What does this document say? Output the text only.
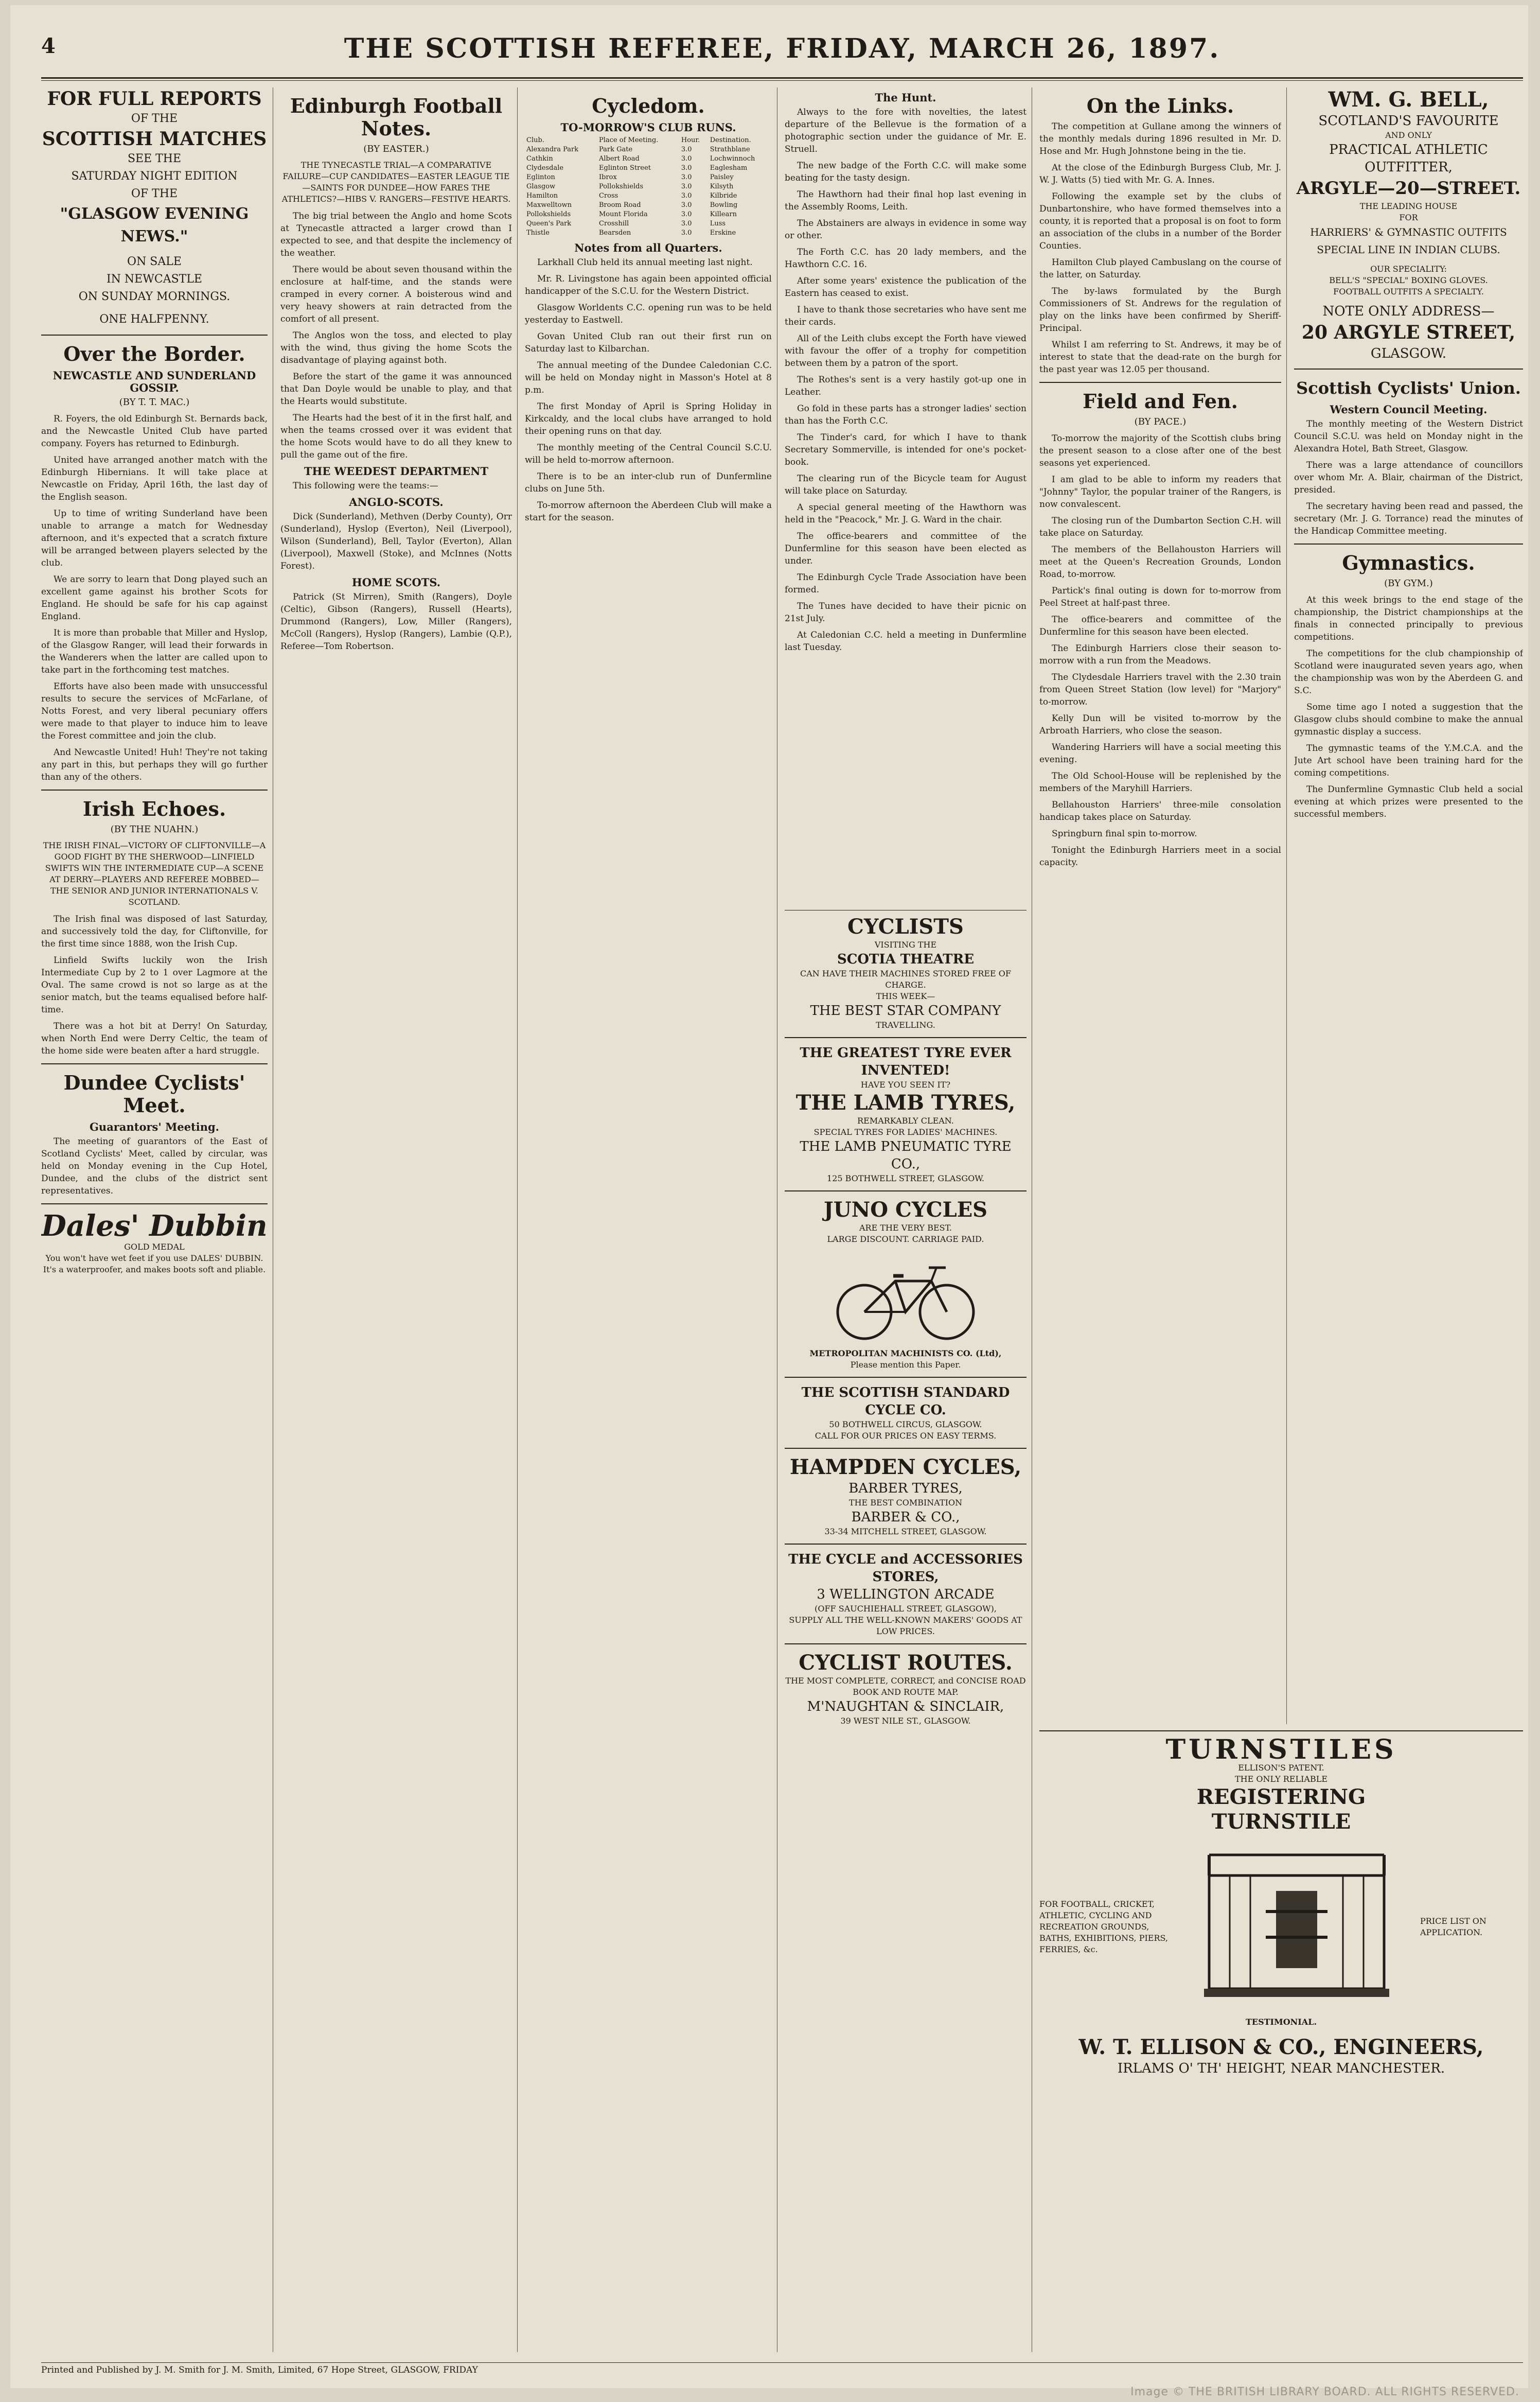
4	THE SCOTTISH REFEREE, FRIDAY, MARCH 26, 1897.
FOR FULL REPORTS
OF THE
SCOTTISH MATCHES
SEE THE
SATURDAY NIGHT EDITION
OF THE
"GLASGOW EVENING NEWS."
ON SALE
IN NEWCASTLE
ON SUNDAY MORNINGS.
ONE HALFPENNY.
Over the Border.
NEWCASTLE AND SUNDERLAND GOSSIP.
(BY T. T. MAC.)

R. Foyers, the old Edinburgh St. Bernards back, and the Newcastle United Club have parted company. Foyers has returned to Edinburgh.

United have arranged another match with the Edinburgh Hibernians. It will take place at Newcastle on Friday, April 16th, the last day of the English season.

Up to time of writing Sunderland have been unable to arrange a match for Wednesday afternoon, and it's expected that a scratch fixture will be arranged between players selected by the club.

We are sorry to learn that Dong played such an excellent game against his brother Scots for England. He should be safe for his cap against England.

It is more than probable that Miller and Hyslop, of the Glasgow Ranger, will lead their forwards in the Wanderers when the latter are called upon to take part in the forthcoming test matches.

Efforts have also been made with unsuccessful results to secure the services of McFarlane, of Notts Forest, and very liberal pecuniary offers were made to that player to induce him to leave the Forest committee and join the club.

And Newcastle United! Huh! They're not taking any part in this, but perhaps they will go further than any of the others.

Irish Echoes.
(BY THE NUAHN.)
THE IRISH FINAL—VICTORY OF CLIFTONVILLE—A GOOD FIGHT BY THE SHERWOOD—LINFIELD SWIFTS WIN THE INTERMEDIATE CUP—A SCENE AT DERRY—PLAYERS AND REFEREE MOBBED—THE SENIOR AND JUNIOR INTERNATIONALS V. SCOTLAND.

The Irish final was disposed of last Saturday, and successively told the day, for Cliftonville, for the first time since 1888, won the Irish Cup.

Linfield Swifts luckily won the Irish Intermediate Cup by 2 to 1 over Lagmore at the Oval. The same crowd is not so large as at the senior match, but the teams equalised before half-time.

There was a hot bit at Derry! On Saturday, when North End were Derry Celtic, the team of the home side were beaten after a hard struggle.

Dundee Cyclists' Meet.
Guarantors' Meeting.

The meeting of guarantors of the East of Scotland Cyclists' Meet, called by circular, was held on Monday evening in the Cup Hotel, Dundee, and the clubs of the district sent representatives.

Dales' Dubbin
GOLD MEDAL
You won't have wet feet if you use DALES' DUBBIN. It's a waterproofer, and makes boots soft and pliable.
Edinburgh Football Notes.
(BY EASTER.)
THE TYNECASTLE TRIAL—A COMPARATIVE FAILURE—CUP CANDIDATES—EASTER LEAGUE TIE—SAINTS FOR DUNDEE—HOW FARES THE ATHLETICS?—HIBS V. RANGERS—FESTIVE HEARTS.

The big trial between the Anglo and home Scots at Tynecastle attracted a larger crowd than I expected to see, and that despite the inclemency of the weather.

There would be about seven thousand within the enclosure at half-time, and the stands were cramped in every corner. A boisterous wind and very heavy showers at rain detracted from the comfort of all present.

The Anglos won the toss, and elected to play with the wind, thus giving the home Scots the disadvantage of playing against both.

Before the start of the game it was announced that Dan Doyle would be unable to play, and that the Hearts would substitute.

The Hearts had the best of it in the first half, and when the teams crossed over it was evident that the home Scots would have to do all they knew to pull the game out of the fire.

THE WEEDEST DEPARTMENT

This following were the teams:—

ANGLO-SCOTS.

Dick (Sunderland), Methven (Derby County), Orr (Sunderland), Hyslop (Everton), Neil (Liverpool), Wilson (Sunderland), Bell, Taylor (Everton), Allan (Liverpool), Maxwell (Stoke), and McInnes (Notts Forest).

HOME SCOTS.

Patrick (St Mirren), Smith (Rangers), Doyle (Celtic), Gibson (Rangers), Russell (Hearts), Drummond (Rangers), Low, Miller (Rangers), McColl (Rangers), Hyslop (Rangers), Lambie (Q.P.), Referee—Tom Robertson.

Cycledom.
TO-MORROW'S CLUB RUNS.
Club.	Place of Meeting.	Hour.	Destination.
Alexandra Park	Park Gate	3.0	Strathblane
Cathkin	Albert Road	3.0	Lochwinnoch
Clydesdale	Eglinton Street	3.0	Eaglesham
Eglinton	Ibrox	3.0	Paisley
Glasgow	Pollokshields	3.0	Kilsyth
Hamilton	Cross	3.0	Kilbride
Maxwelltown	Broom Road	3.0	Bowling
Pollokshields	Mount Florida	3.0	Killearn
Queen's Park	Crosshill	3.0	Luss
Thistle	Bearsden	3.0	Erskine
Notes from all Quarters.

Larkhall Club held its annual meeting last night.

Mr. R. Livingstone has again been appointed official handicapper of the S.C.U. for the Western District.

Glasgow Worldents C.C. opening run was to be held yesterday to Eastwell.

Govan United Club ran out their first run on Saturday last to Kilbarchan.

The annual meeting of the Dundee Caledonian C.C. will be held on Monday night in Masson's Hotel at 8 p.m.

The first Monday of April is Spring Holiday in Kirkcaldy, and the local clubs have arranged to hold their opening runs on that day.

The monthly meeting of the Central Council S.C.U. will be held to-morrow afternoon.

There is to be an inter-club run of Dunfermline clubs on June 5th.

To-morrow afternoon the Aberdeen Club will make a start for the season.

The Hunt.

Always to the fore with novelties, the latest departure of the Bellevue is the formation of a photographic section under the guidance of Mr. E. Struell.

The new badge of the Forth C.C. will make some beating for the tasty design.

The Hawthorn had their final hop last evening in the Assembly Rooms, Leith.

The Abstainers are always in evidence in some way or other.

The Forth C.C. has 20 lady members, and the Hawthorn C.C. 16.

After some years' existence the publication of the Eastern has ceased to exist.

I have to thank those secretaries who have sent me their cards.

All of the Leith clubs except the Forth have viewed with favour the offer of a trophy for competition between them by a patron of the sport.

The Rothes's sent is a very hastily got-up one in Leather.

Go fold in these parts has a stronger ladies' section than has the Forth C.C.

The Tinder's card, for which I have to thank Secretary Sommerville, is intended for one's pocket-book.

The clearing run of the Bicycle team for August will take place on Saturday.

A special general meeting of the Hawthorn was held in the "Peacock," Mr. J. G. Ward in the chair.

The office-bearers and committee of the Dunfermline for this season have been elected as under.

The Edinburgh Cycle Trade Association have been formed.

The Tunes have decided to have their picnic on 21st July.

At Caledonian C.C. held a meeting in Dunfermline last Tuesday.

CYCLISTS
VISITING THE
SCOTIA THEATRE
CAN HAVE THEIR MACHINES STORED FREE OF CHARGE.
THIS WEEK—
THE BEST STAR COMPANY
TRAVELLING.
THE GREATEST TYRE EVER INVENTED!
HAVE YOU SEEN IT?
THE LAMB TYRES,
REMARKABLY CLEAN.
SPECIAL TYRES FOR LADIES' MACHINES.
THE LAMB PNEUMATIC TYRE CO.,
125 BOTHWELL STREET, GLASGOW.
JUNO CYCLES
ARE THE VERY BEST.
LARGE DISCOUNT. CARRIAGE PAID.
METROPOLITAN MACHINISTS CO. (Ltd),
Please mention this Paper.
THE SCOTTISH STANDARD CYCLE CO.
50 BOTHWELL CIRCUS, GLASGOW.
CALL FOR OUR PRICES ON EASY TERMS.
HAMPDEN CYCLES,
BARBER TYRES,
THE BEST COMBINATION
BARBER & CO.,
33-34 MITCHELL STREET, GLASGOW.
THE CYCLE and ACCESSORIES STORES,
3 WELLINGTON ARCADE
(OFF SAUCHIEHALL STREET, GLASGOW),
SUPPLY ALL THE WELL-KNOWN MAKERS' GOODS AT LOW PRICES.
CYCLIST ROUTES.
THE MOST COMPLETE, CORRECT, and CONCISE ROAD BOOK AND ROUTE MAP.
M'NAUGHTAN & SINCLAIR,
39 WEST NILE ST., GLASGOW.
On the Links.

The competition at Gullane among the winners of the monthly medals during 1896 resulted in Mr. D. Hose and Mr. Hugh Johnstone being in the tie.

At the close of the Edinburgh Burgess Club, Mr. J. W. J. Watts (5) tied with Mr. G. A. Innes.

Following the example set by the clubs of Dunbartonshire, who have formed themselves into a county, it is reported that a proposal is on foot to form an association of the clubs in a number of the Border Counties.

Hamilton Club played Cambuslang on the course of the latter, on Saturday.

The by-laws formulated by the Burgh Commissioners of St. Andrews for the regulation of play on the links have been confirmed by Sheriff-Principal.

Whilst I am referring to St. Andrews, it may be of interest to state that the dead-rate on the burgh for the past year was 12.05 per thousand.

Field and Fen.
(BY PACE.)

To-morrow the majority of the Scottish clubs bring the present season to a close after one of the best seasons yet experienced.

I am glad to be able to inform my readers that "Johnny" Taylor, the popular trainer of the Rangers, is now convalescent.

The closing run of the Dumbarton Section C.H. will take place on Saturday.

The members of the Bellahouston Harriers will meet at the Queen's Recreation Grounds, London Road, to-morrow.

Partick's final outing is down for to-morrow from Peel Street at half-past three.

The office-bearers and committee of the Dunfermline for this season have been elected.

The Edinburgh Harriers close their season to-morrow with a run from the Meadows.

The Clydesdale Harriers travel with the 2.30 train from Queen Street Station (low level) for "Marjory" to-morrow.

Kelly Dun will be visited to-morrow by the Arbroath Harriers, who close the season.

Wandering Harriers will have a social meeting this evening.

The Old School-House will be replenished by the members of the Maryhill Harriers.

Bellahouston Harriers' three-mile consolation handicap takes place on Saturday.

Springburn final spin to-morrow.

Tonight the Edinburgh Harriers meet in a social capacity.

WM. G. BELL,
SCOTLAND'S FAVOURITE
AND ONLY
PRACTICAL ATHLETIC
OUTFITTER,
ARGYLE—20—STREET.
THE LEADING HOUSE
FOR
HARRIERS' & GYMNASTIC OUTFITS
SPECIAL LINE IN INDIAN CLUBS.
OUR SPECIALITY:
BELL'S "SPECIAL" BOXING GLOVES.
FOOTBALL OUTFITS A SPECIALTY.
NOTE ONLY ADDRESS—
20 ARGYLE STREET,
GLASGOW.
Scottish Cyclists' Union.
Western Council Meeting.

The monthly meeting of the Western District Council S.C.U. was held on Monday night in the Alexandra Hotel, Bath Street, Glasgow.

There was a large attendance of councillors over whom Mr. A. Blair, chairman of the District, presided.

The secretary having been read and passed, the secretary (Mr. J. G. Torrance) read the minutes of the Handicap Committee meeting.

Gymnastics.
(BY GYM.)

At this week brings to the end stage of the championship, the District championships at the finals in connected principally to previous competitions.

The competitions for the club championship of Scotland were inaugurated seven years ago, when the championship was won by the Aberdeen G. and S.C.

Some time ago I noted a suggestion that the Glasgow clubs should combine to make the annual gymnastic display a success.

The gymnastic teams of the Y.M.C.A. and the Jute Art school have been training hard for the coming competitions.

The Dunfermline Gymnastic Club held a social evening at which prizes were presented to the successful members.

TURNSTILES
ELLISON'S PATENT.
THE ONLY RELIABLE
REGISTERING
TURNSTILE
FOR FOOTBALL, CRICKET, ATHLETIC, CYCLING AND RECREATION GROUNDS, BATHS, EXHIBITIONS, PIERS, FERRIES, &c.
PRICE LIST ON APPLICATION.
TESTIMONIAL.
W. T. ELLISON & CO., ENGINEERS,
IRLAMS O' TH' HEIGHT, NEAR MANCHESTER.
Printed and Published by J. M. Smith for J. M. Smith, Limited, 67 Hope Street, GLASGOW, FRIDAY
Image © THE BRITISH LIBRARY BOARD. ALL RIGHTS RESERVED.
